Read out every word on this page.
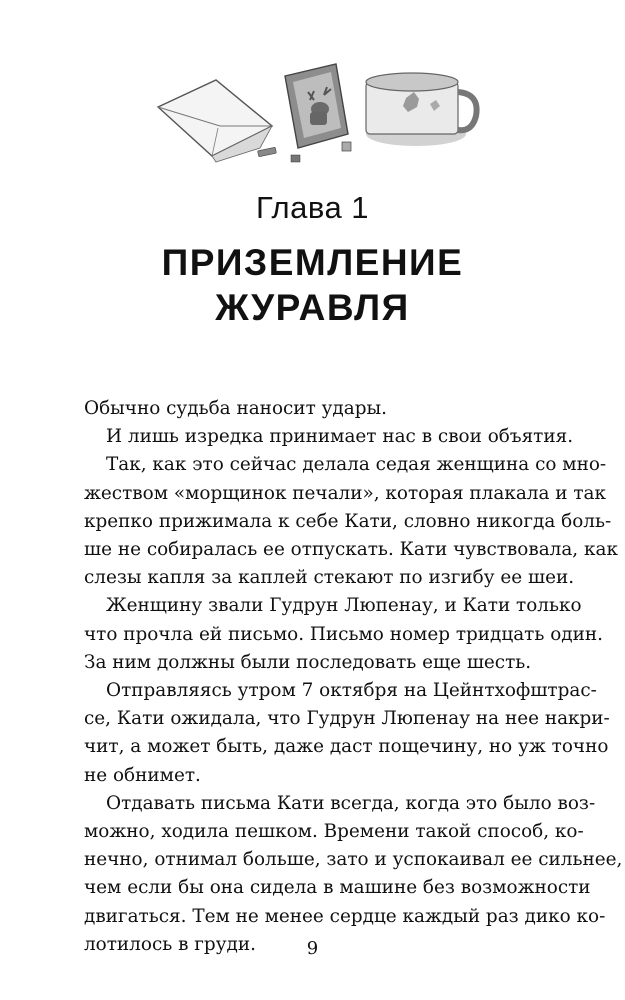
Глава 1
ПРИЗЕМЛЕНИЕ
ЖУРАВЛЯ
Обычно судьба наносит удары.
И лишь изредка принимает нас в свои объятия.
Так, как это сейчас делала седая женщина со мно-
жеством «морщинок печали», которая плакала и так
крепко прижимала к себе Кати, словно никогда боль-
ше не собиралась ее отпускать. Кати чувствовала, как
слезы капля за каплей стекают по изгибу ее шеи.
Женщину звали Гудрун Люпенау, и Кати только
что прочла ей письмо. Письмо номер тридцать один.
За ним должны были последовать еще шесть.
Отправляясь утром 7 октября на Цейнтхофштрас-
се, Кати ожидала, что Гудрун Люпенау на нее накри-
чит, а может быть, даже даст пощечину, но уж точно
не обнимет.
Отдавать письма Кати всегда, когда это было воз-
можно, ходила пешком. Времени такой способ, ко-
нечно, отнимал больше, зато и успокаивал ее сильнее,
чем если бы она сидела в машине без возможности
двигаться. Тем не менее сердце каждый раз дико ко-
лотилось в груди.	9
